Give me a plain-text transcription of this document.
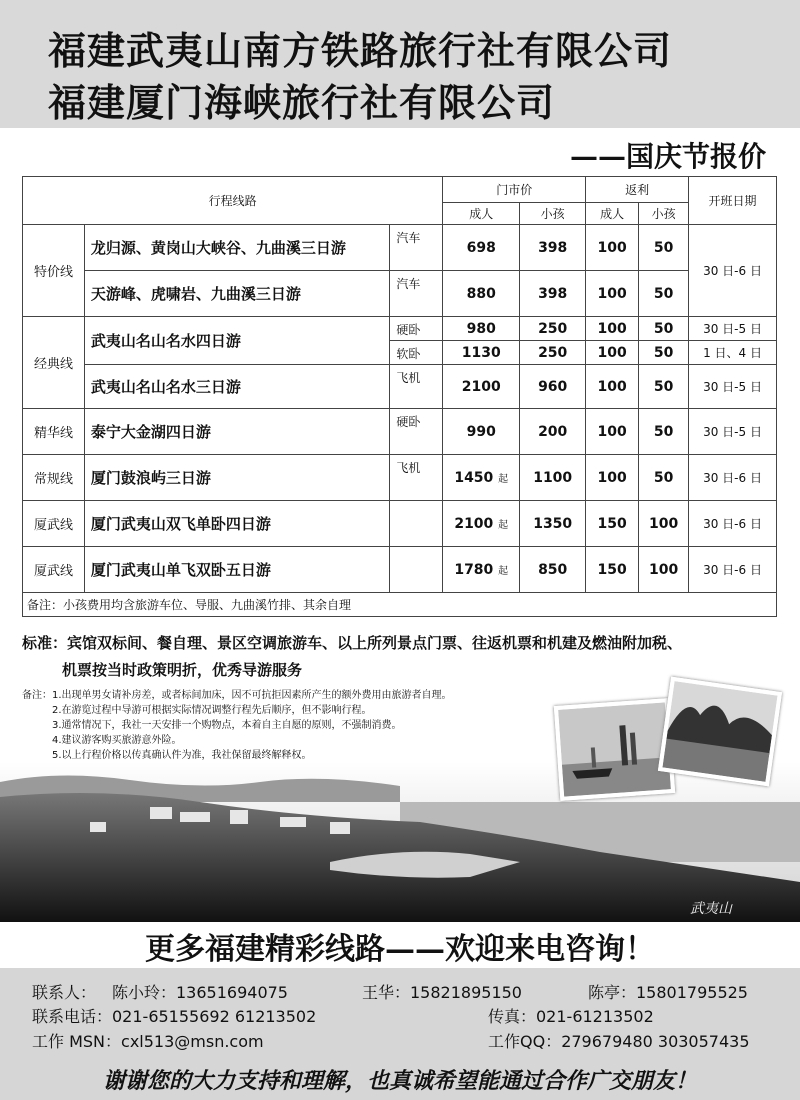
福建武夷山南方铁路旅行社有限公司
福建厦门海峡旅行社有限公司
——国庆节报价
行程线路			门市价		返利		开班日期
			成人	小孩	成人	小孩	
特价线	龙归源、黄岗山大峡谷、九曲溪三日游	汽车	698	398	100	50	30 日-6 日
	天游峰、虎啸岩、九曲溪三日游	汽车	880	398	100	50	
经典线	武夷山名山名水四日游	硬卧	980	250	100	50	30 日-5 日
		软卧	1130	250	100	50	1 日、4 日
	武夷山名山名水三日游	飞机	2100	960	100	50	30 日-5 日
精华线	泰宁大金湖四日游	硬卧	990	200	100	50	30 日-5 日
常规线	厦门鼓浪屿三日游	飞机	1450 起	1100	100	50	30 日-6 日
厦武线	厦门武夷山双飞单卧四日游		2100 起	1350	150	100	30 日-6 日
厦武线	厦门武夷山单飞双卧五日游		1780 起	850	150	100	30 日-6 日
备注：小孩费用均含旅游车位、导服、九曲溪竹排、其余自理							
标准：宾馆双标间、餐自理、景区空调旅游车、以上所列景点门票、往返机票和机建及燃油附加税、
机票按当时政策明折，优秀导游服务
备注：1.出现单男女请补房差，或者标间加床，因不可抗拒因素所产生的额外费用由旅游者自理。
2.在游览过程中导游可根据实际情况调整行程先后顺序，但不影响行程。
3.通常情况下，我社一天安排一个购物点，本着自主自愿的原则，不强制消费。
4.建议游客购买旅游意外险。
5.以上行程价格以传真确认件为准，我社保留最终解释权。
武夷山
更多福建精彩线路——欢迎来电咨询！
联系人： 陈小玲：13651694075	王华：15821895150	陈亭：15801795525
联系电话：021-65155692 61213502	传真：021-61213502
工作 MSN：cxl513@msn.com	工作QQ：279679480 303057435
谢谢您的大力支持和理解，也真诚希望能通过合作广交朋友！
